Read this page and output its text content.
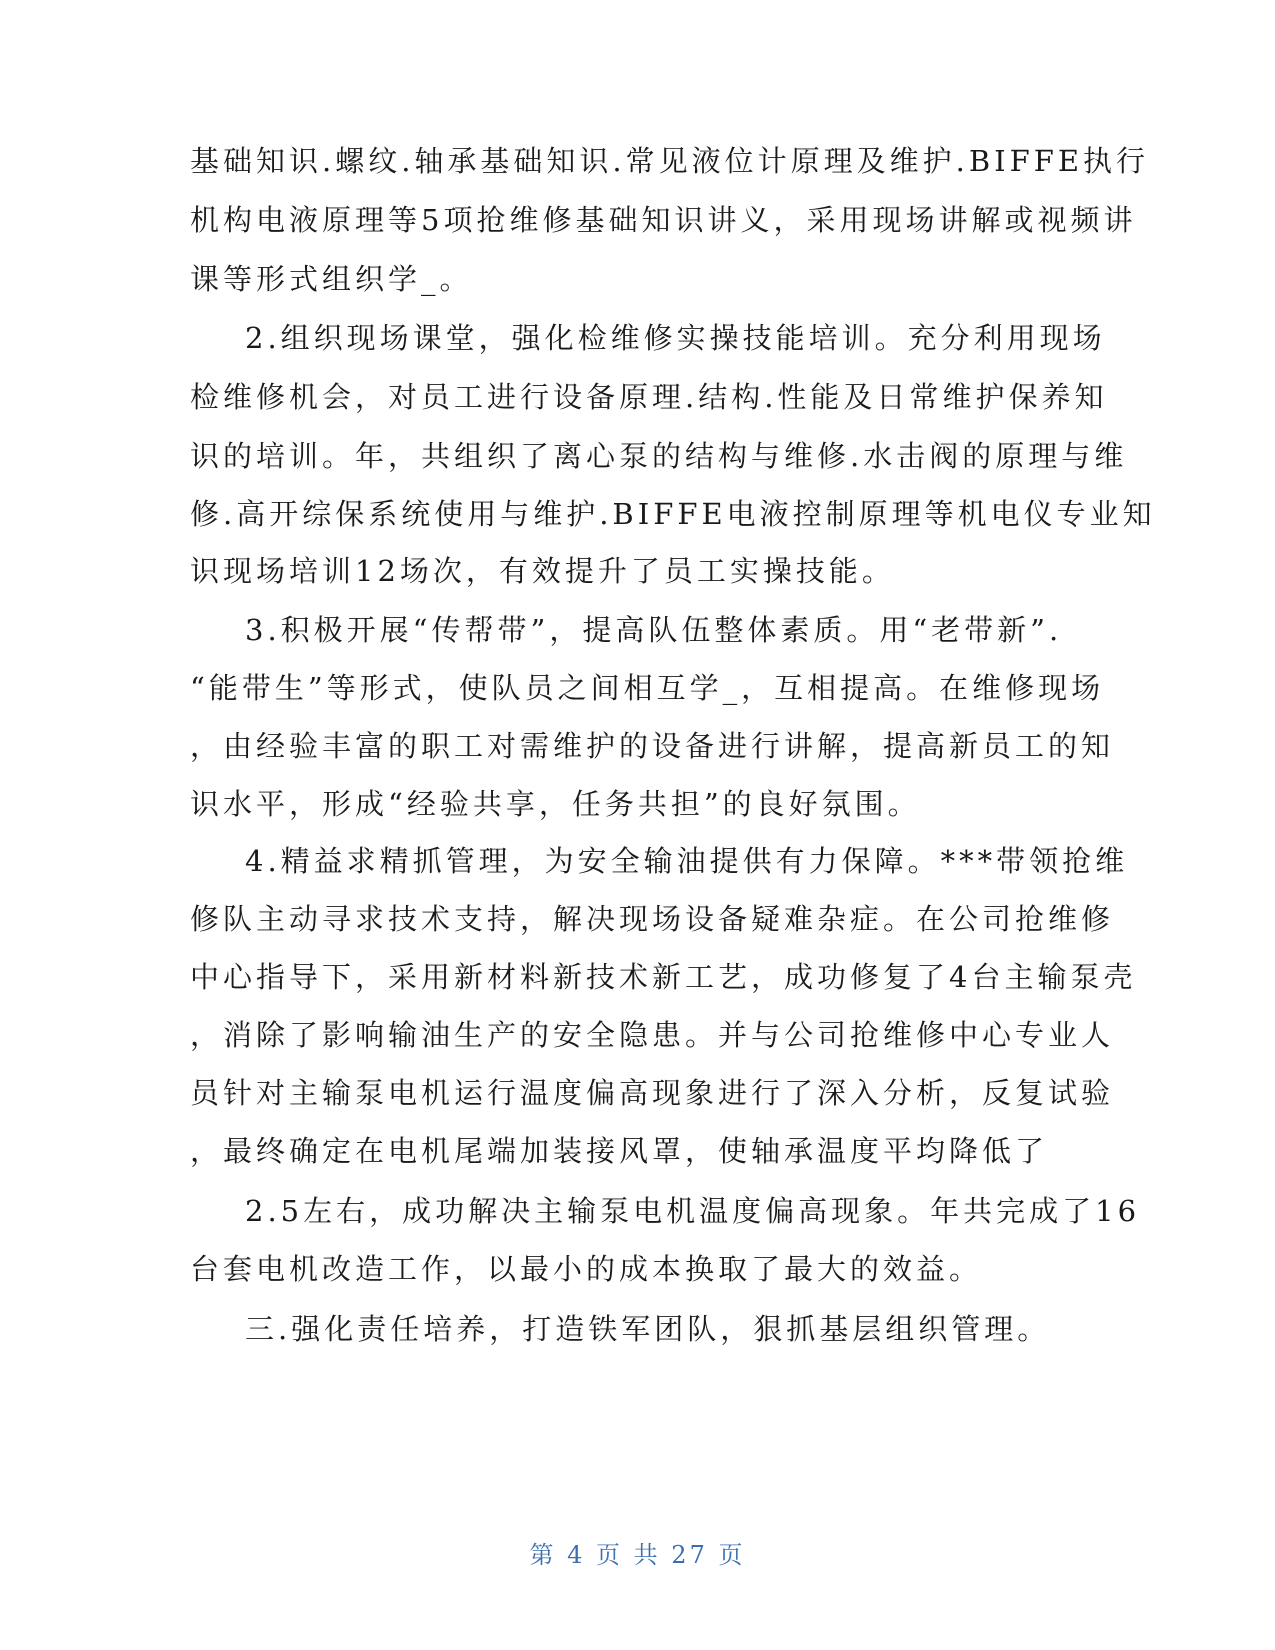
基础知识.螺纹.轴承基础知识.常见液位计原理及维护.BIFFE执行
机构电液原理等5项抢维修基础知识讲义，采用现场讲解或视频讲
课等形式组织学_。
2.组织现场课堂，强化检维修实操技能培训。充分利用现场
检维修机会，对员工进行设备原理.结构.性能及日常维护保养知
识的培训。年，共组织了离心泵的结构与维修.水击阀的原理与维
修.高开综保系统使用与维护.BIFFE电液控制原理等机电仪专业知
识现场培训12场次，有效提升了员工实操技能。
3.积极开展“传帮带”，提高队伍整体素质。用“老带新”.
“能带生”等形式，使队员之间相互学_，互相提高。在维修现场
，由经验丰富的职工对需维护的设备进行讲解，提高新员工的知
识水平，形成“经验共享，任务共担”的良好氛围。
4.精益求精抓管理，为安全输油提供有力保障。***带领抢维
修队主动寻求技术支持，解决现场设备疑难杂症。在公司抢维修
中心指导下，采用新材料新技术新工艺，成功修复了4台主输泵壳
，消除了影响输油生产的安全隐患。并与公司抢维修中心专业人
员针对主输泵电机运行温度偏高现象进行了深入分析，反复试验
，最终确定在电机尾端加装接风罩，使轴承温度平均降低了
2.5左右，成功解决主输泵电机温度偏高现象。年共完成了16
台套电机改造工作，以最小的成本换取了最大的效益。
三.强化责任培养，打造铁军团队，狠抓基层组织管理。
第 4 页 共 27 页
